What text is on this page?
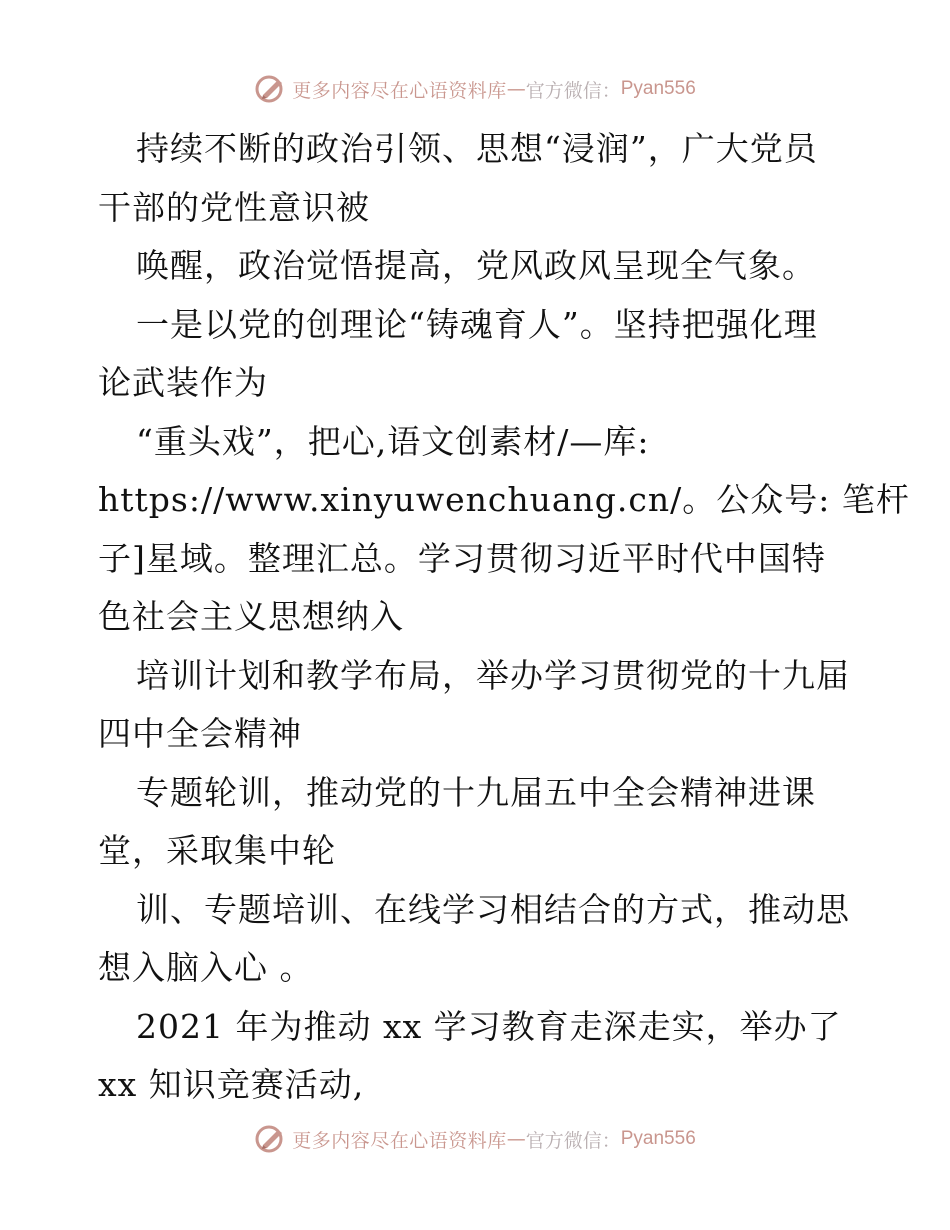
更多内容尽在心语资料库 — 官方微信： Pyan556
持续不断的政治引领、思想“浸润”，广大党员
干部的党性意识被
唤醒，政治觉悟提高，党风政风呈现全气象。
一是以党的创理论“铸魂育人”。坚持把强化理
论武装作为
“重头戏”，把心,语文创素材/—库:
https://www.xinyuwenchuang.cn/。公众号: 笔杆
子]星域。整理汇总。学习贯彻习近平时代中国特
色社会主义思想纳入
培训计划和教学布局，举办学习贯彻党的十九届
四中全会精神
专题轮训，推动党的十九届五中全会精神进课
堂，采取集中轮
训、专题培训、在线学习相结合的方式，推动思
想入脑入心 。
2021 年为推动 xx 学习教育走深走实，举办了
xx 知识竞赛活动,
更多内容尽在心语资料库 — 官方微信： Pyan556
